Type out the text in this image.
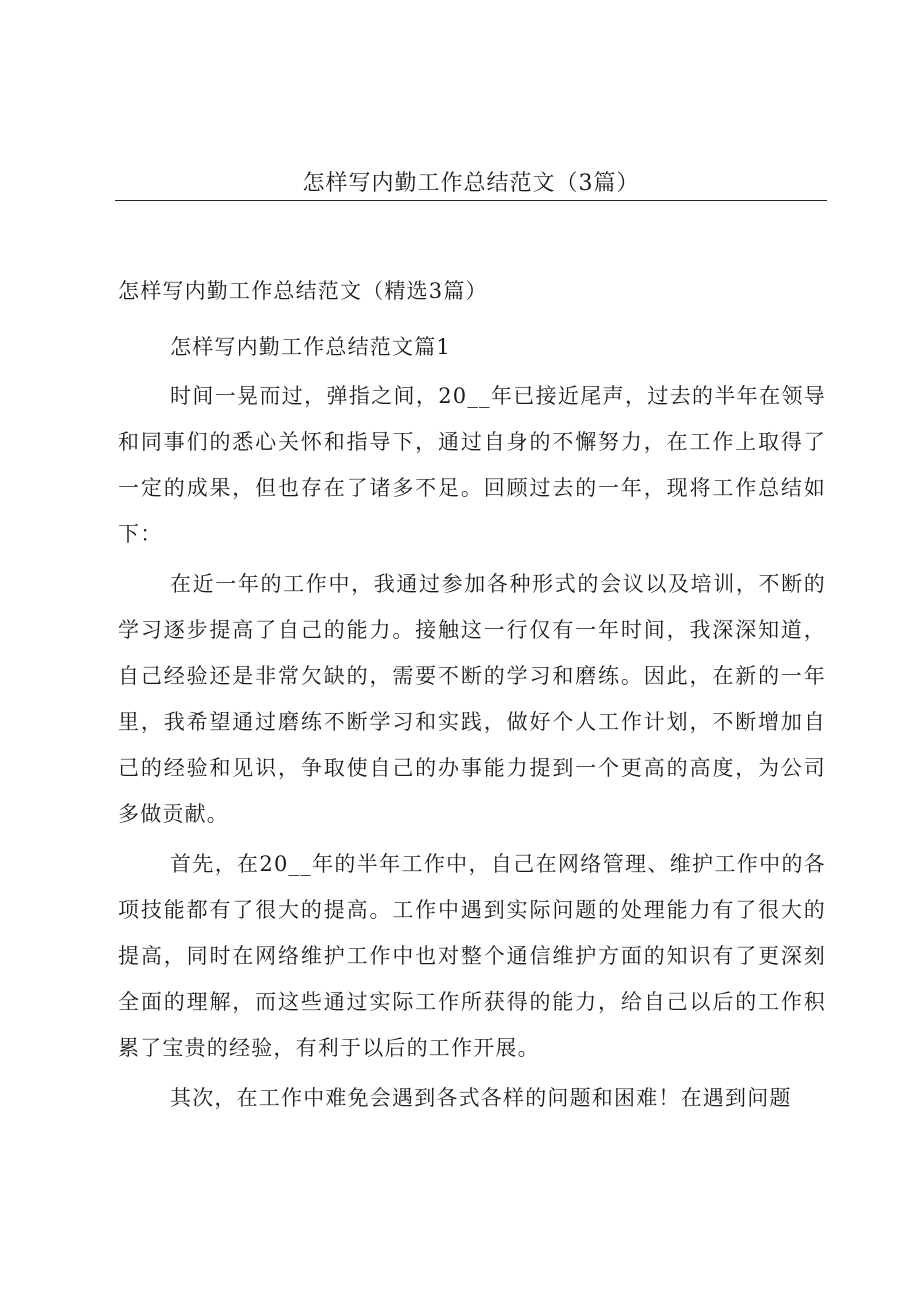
怎样写内勤工作总结范文（3篇）

怎样写内勤工作总结范文（精选3篇）

怎样写内勤工作总结范文篇1

时间一晃而过，弹指之间，20__年已接近尾声，过去的半年在领导和同事们的悉心关怀和指导下，通过自身的不懈努力，在工作上取得了一定的成果，但也存在了诸多不足。回顾过去的一年，现将工作总结如下：

在近一年的工作中，我通过参加各种形式的会议以及培训，不断的学习逐步提高了自己的能力。接触这一行仅有一年时间，我深深知道，自己经验还是非常欠缺的，需要不断的学习和磨练。因此，在新的一年里，我希望通过磨练不断学习和实践，做好个人工作计划，不断增加自己的经验和见识，争取使自己的办事能力提到一个更高的高度，为公司多做贡献。

首先，在20__年的半年工作中，自己在网络管理、维护工作中的各项技能都有了很大的提高。工作中遇到实际问题的处理能力有了很大的提高，同时在网络维护工作中也对整个通信维护方面的知识有了更深刻全面的理解，而这些通过实际工作所获得的能力，给自己以后的工作积累了宝贵的经验，有利于以后的工作开展。

其次，在工作中难免会遇到各式各样的问题和困难！在遇到问题
